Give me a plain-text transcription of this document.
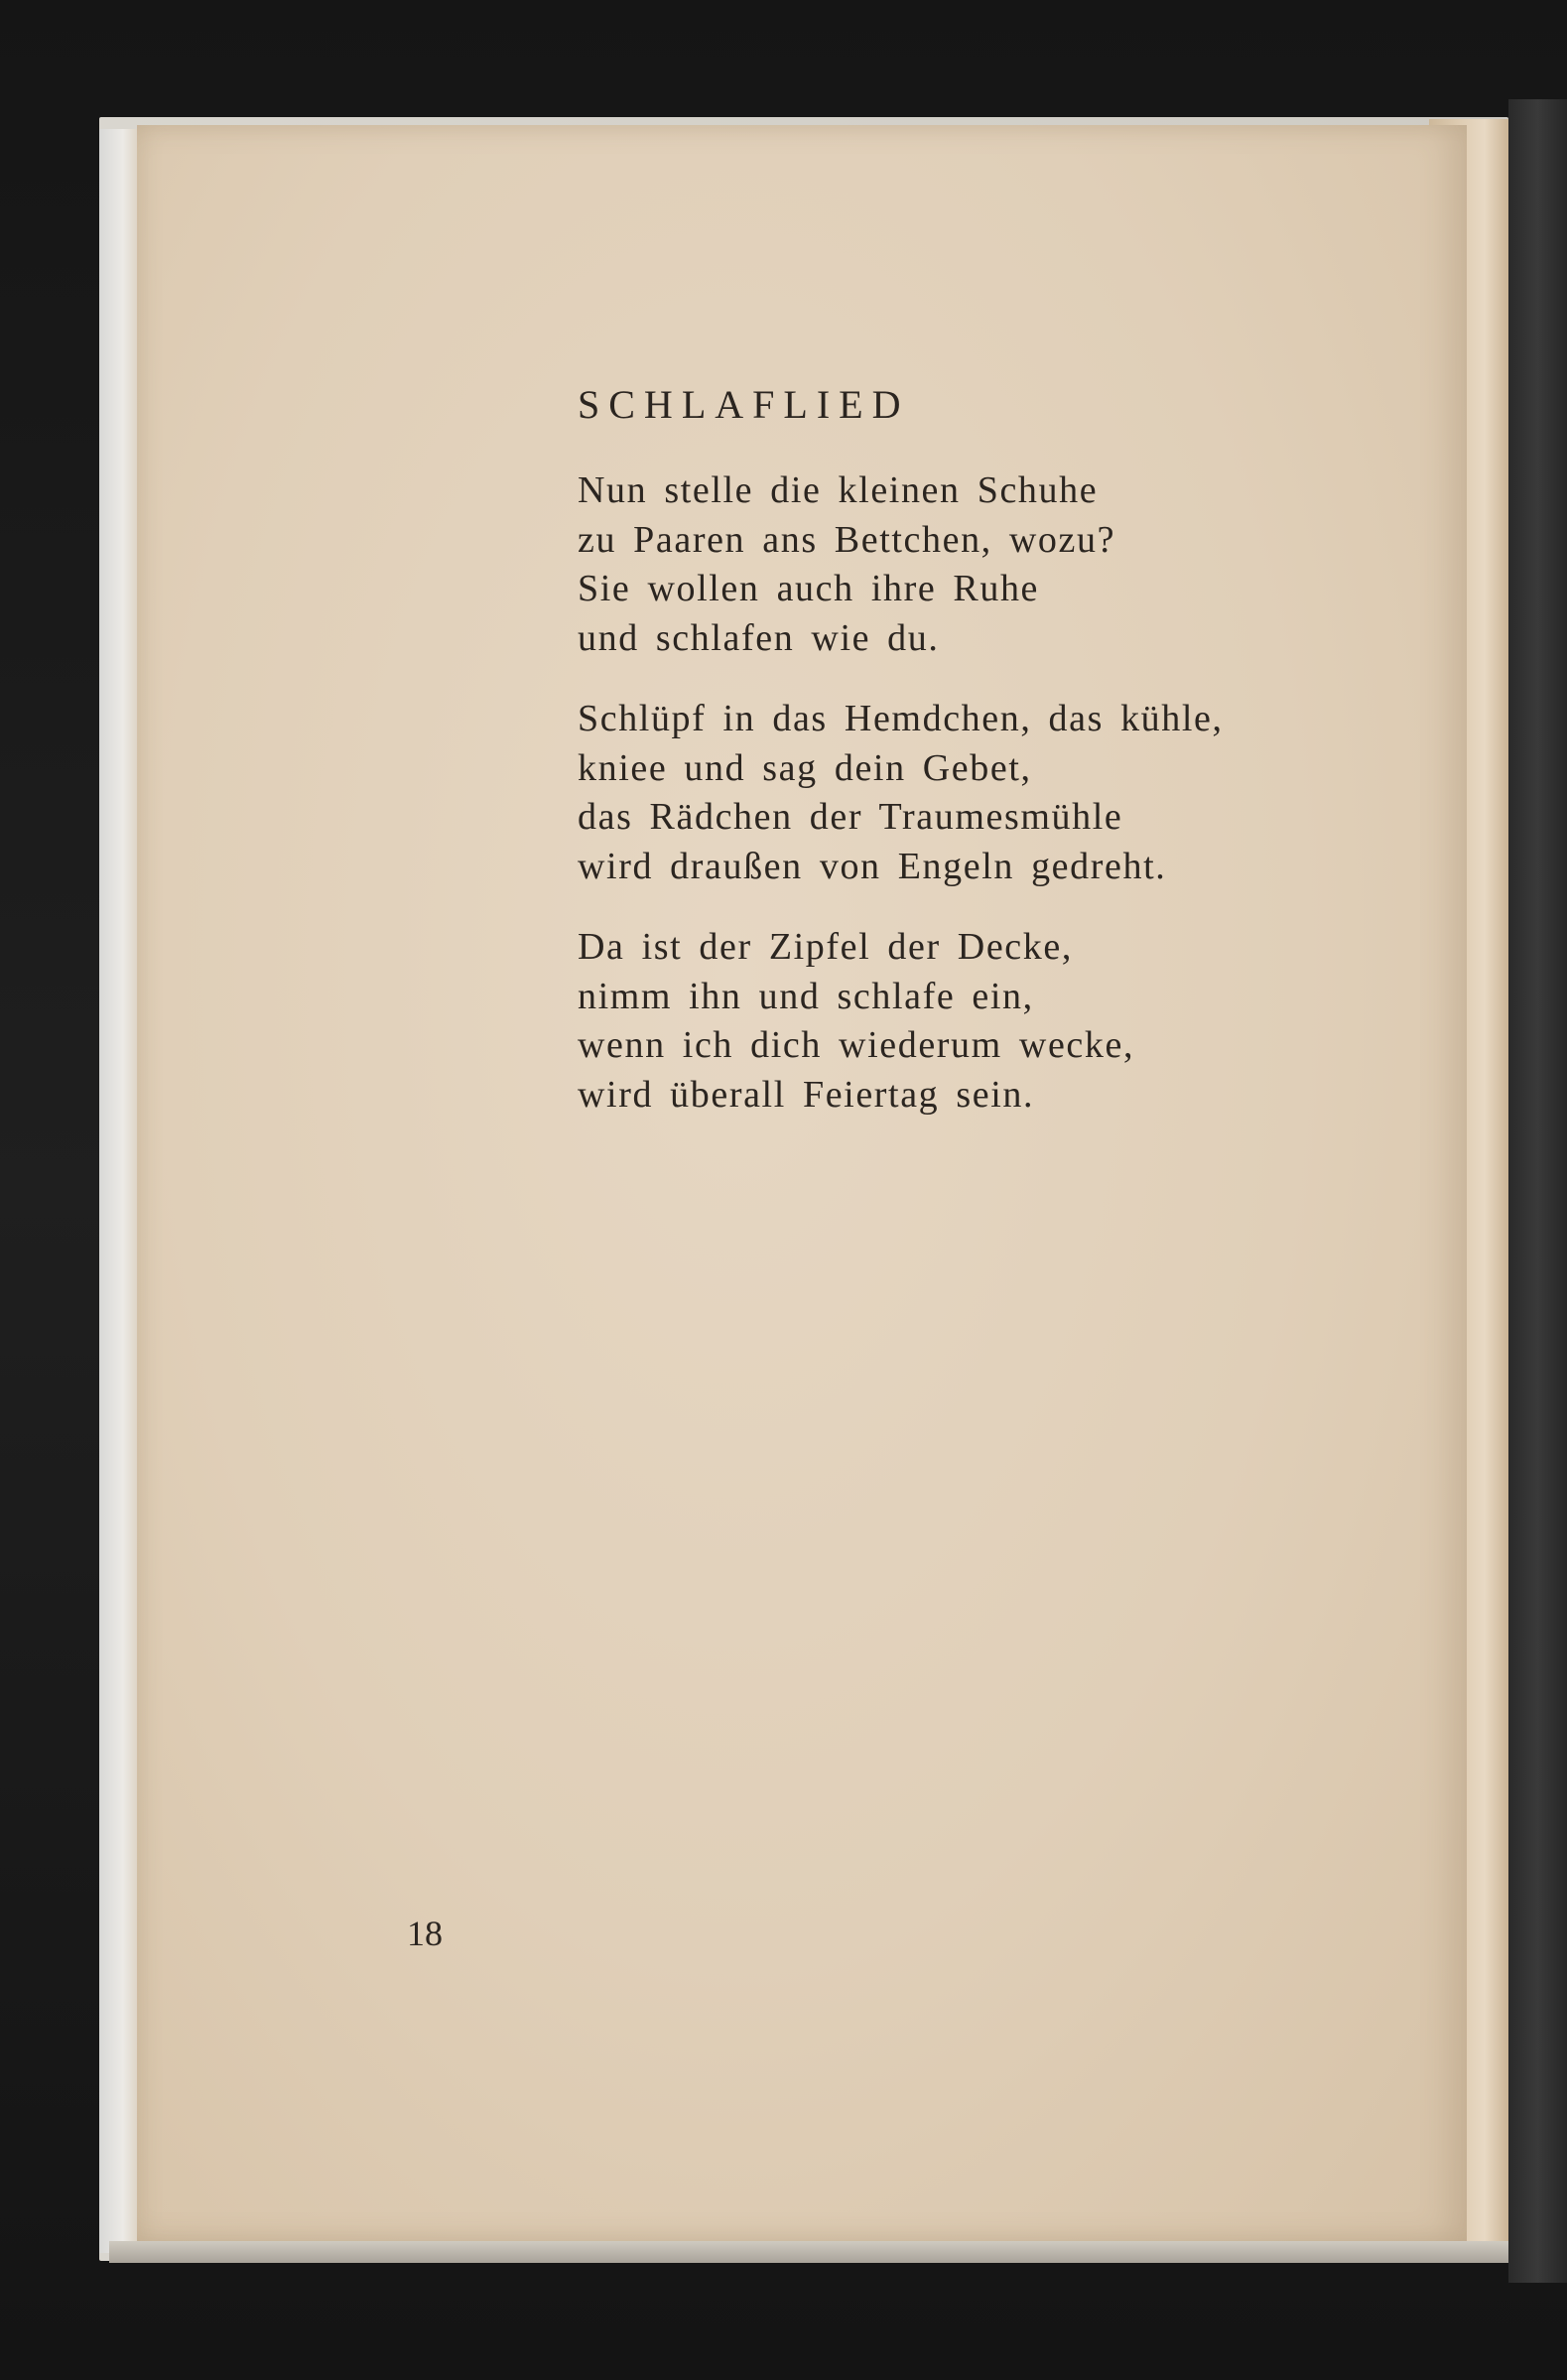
SCHLAFLIED
Nun stelle die kleinen Schuhe
zu Paaren ans Bettchen, wozu?
Sie wollen auch ihre Ruhe
und schlafen wie du.
Schlüpf in das Hemdchen, das kühle,
kniee und sag dein Gebet,
das Rädchen der Traumesmühle
wird draußen von Engeln gedreht.
Da ist der Zipfel der Decke,
nimm ihn und schlafe ein,
wenn ich dich wiederum wecke,
wird überall Feiertag sein.
18
